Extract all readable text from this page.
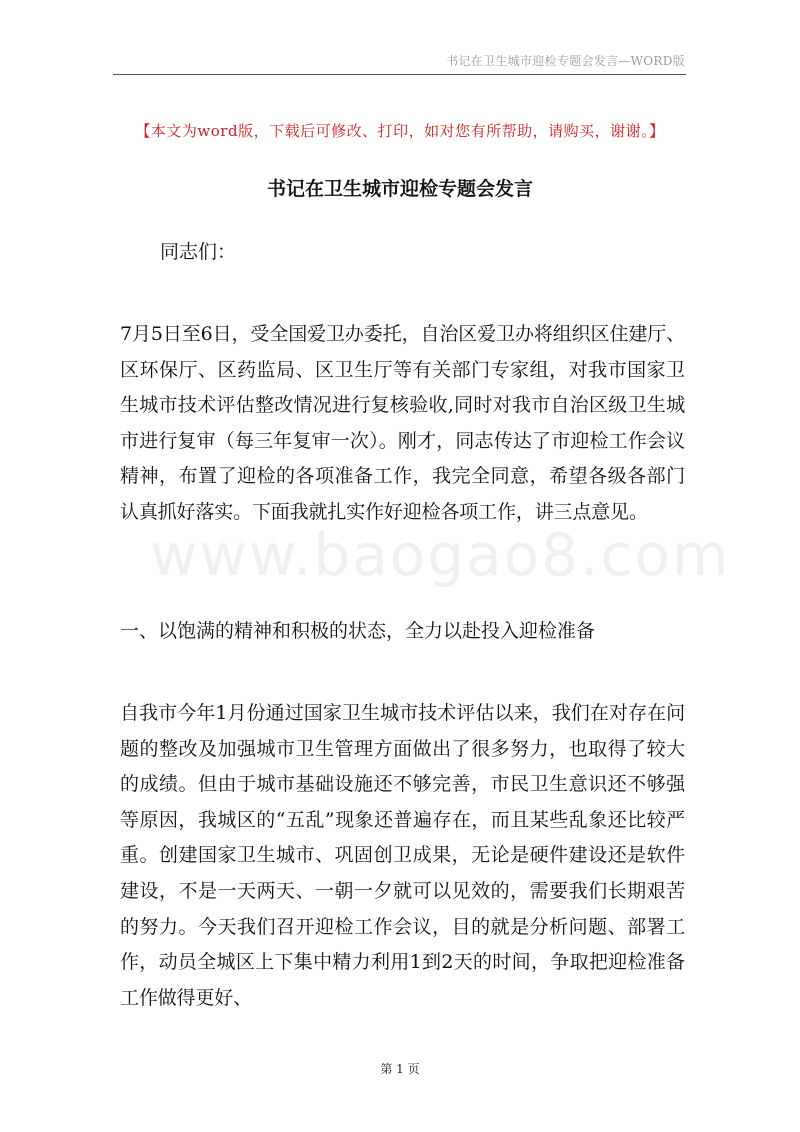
书记在卫生城市迎检专题会发言—WORD版
【本文为word版，下载后可修改、打印，如对您有所帮助，请购买，谢谢。】
书记在卫生城市迎检专题会发言
同志们：

7月5日至6日，受全国爱卫办委托，自治区爱卫办将组织区住建厅、区环保厅、区药监局、区卫生厅等有关部门专家组，对我市国家卫生城市技术评估整改情况进行复核验收,同时对我市自治区级卫生城市进行复审（每三年复审一次）。刚才，同志传达了市迎检工作会议精神，布置了迎检的各项准备工作，我完全同意，希望各级各部门认真抓好落实。下面我就扎实作好迎检各项工作，讲三点意见。

一、以饱满的精神和积极的状态，全力以赴投入迎检准备

自我市今年1月份通过国家卫生城市技术评估以来，我们在对存在问题的整改及加强城市卫生管理方面做出了很多努力，也取得了较大的成绩。但由于城市基础设施还不够完善，市民卫生意识还不够强等原因，我城区的“五乱”现象还普遍存在，而且某些乱象还比较严重。创建国家卫生城市、巩固创卫成果，无论是硬件建设还是软件建设，不是一天两天、一朝一夕就可以见效的，需要我们长期艰苦的努力。今天我们召开迎检工作会议，目的就是分析问题、部署工作，动员全城区上下集中精力利用1到2天的时间，争取把迎检准备工作做得更好、

www.baogao8.com
第 1 页
